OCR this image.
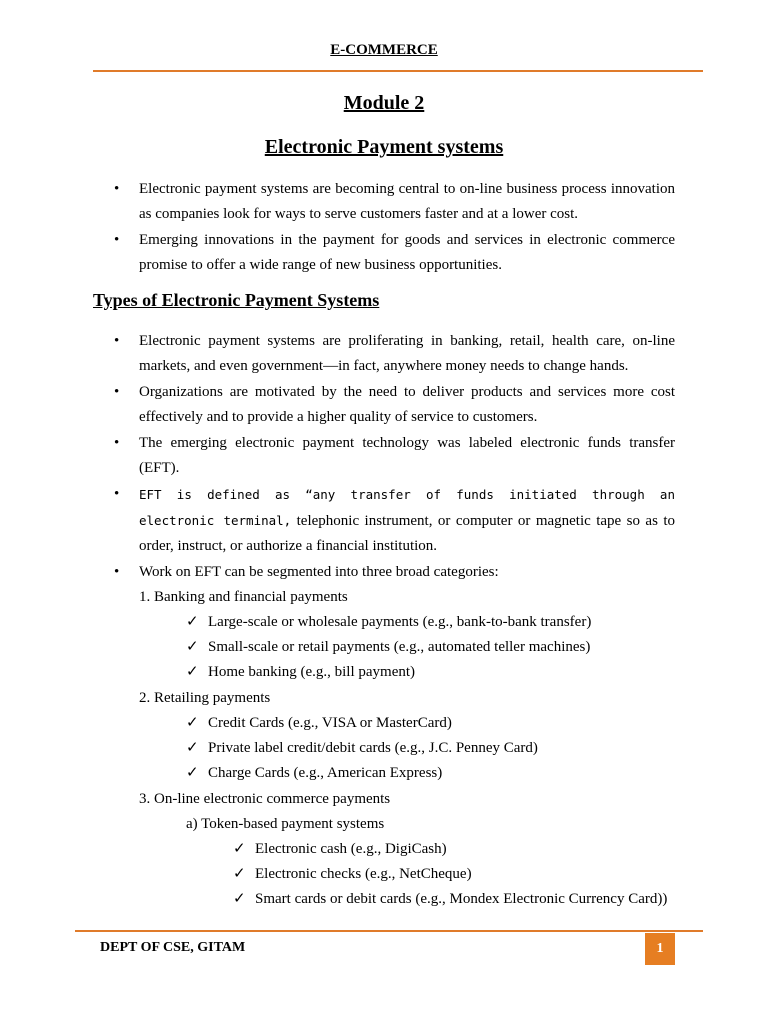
E-COMMERCE
Module 2
Electronic Payment systems
• Electronic payment systems are becoming central to on-line business process innovation as companies look for ways to serve customers faster and at a lower cost.
• Emerging innovations in the payment for goods and services in electronic commerce promise to offer a wide range of new business opportunities.
Types of Electronic Payment Systems
• Electronic payment systems are proliferating in banking, retail, health care, on-line markets, and even government—in fact, anywhere money needs to change hands.
• Organizations are motivated by the need to deliver products and services more cost effectively and to provide a higher quality of service to customers.
• The emerging electronic payment technology was labeled electronic funds transfer (EFT).
• EFT is defined as “any transfer of funds initiated through an electronic terminal, telephonic instrument, or computer or magnetic tape so as to order, instruct, or authorize a financial institution.
• Work on EFT can be segmented into three broad categories:
1. Banking and financial payments
✓ Large-scale or wholesale payments (e.g., bank-to-bank transfer)
✓ Small-scale or retail payments (e.g., automated teller machines)
✓ Home banking (e.g., bill payment)
2. Retailing payments
✓ Credit Cards (e.g., VISA or MasterCard)
✓ Private label credit/debit cards (e.g., J.C. Penney Card)
✓ Charge Cards (e.g., American Express)
3. On-line electronic commerce payments
a) Token-based payment systems
✓ Electronic cash (e.g., DigiCash)
✓ Electronic checks (e.g., NetCheque)
✓ Smart cards or debit cards (e.g., Mondex Electronic Currency Card))
DEPT OF CSE, GITAM	1
